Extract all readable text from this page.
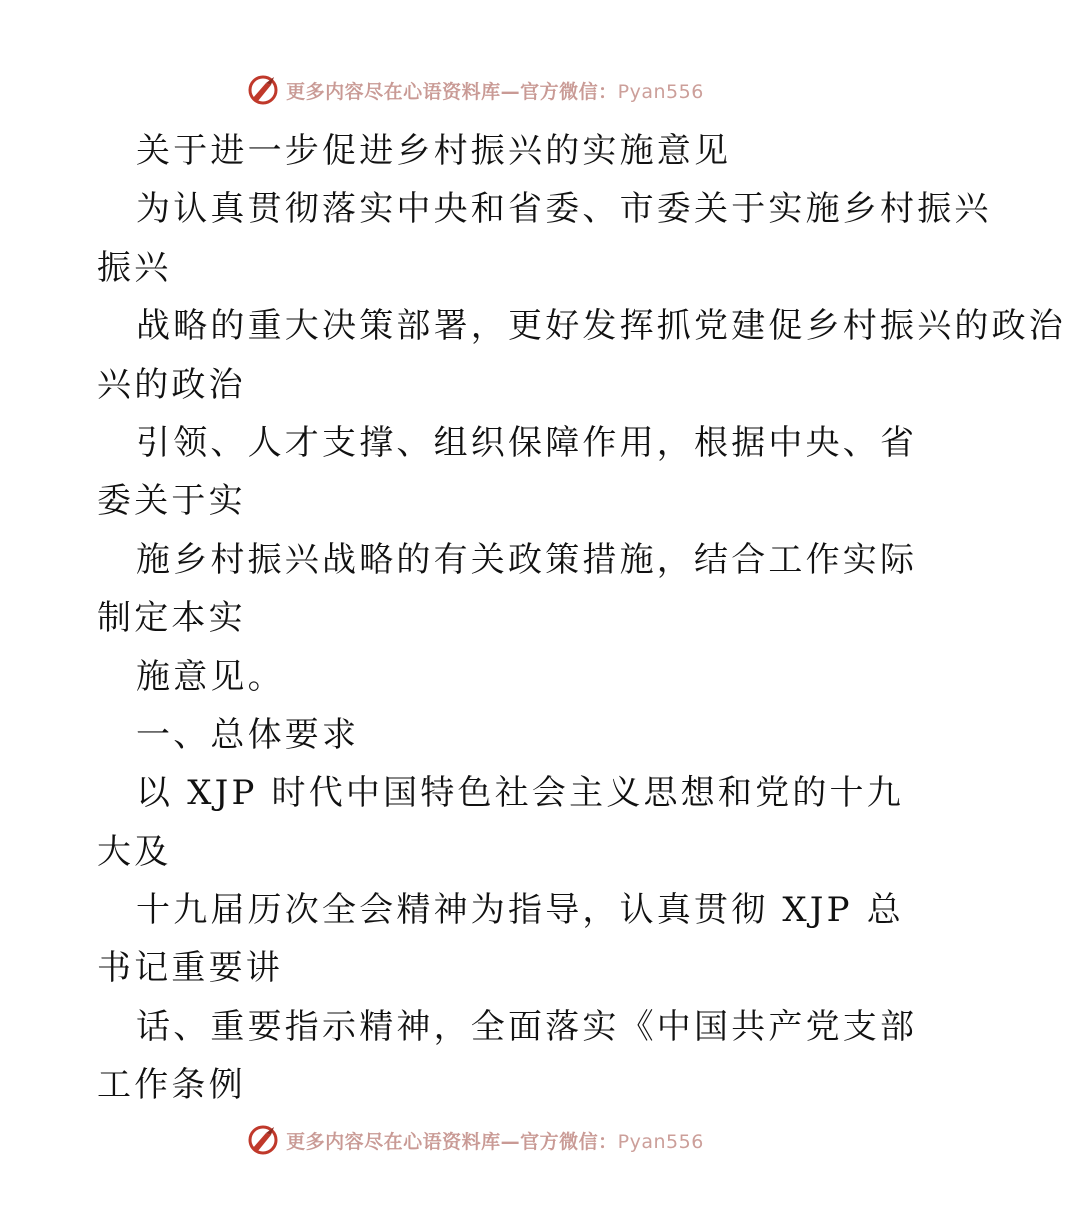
更多内容尽在心语资料库—官方微信：Pyan556
关于进一步促进乡村振兴的实施意见
为认真贯彻落实中央和省委、市委关于实施乡村振兴
振兴
战略的重大决策部署，更好发挥抓党建促乡村振兴的政治
兴的政治
引领、人才支撑、组织保障作用，根据中央、省
委关于实
施乡村振兴战略的有关政策措施，结合工作实际
制定本实
施意见。
一、总体要求
以 XJP 时代中国特色社会主义思想和党的十九
大及
十九届历次全会精神为指导，认真贯彻 XJP 总
书记重要讲
话、重要指示精神，全面落实《中国共产党支部
工作条例
更多内容尽在心语资料库—官方微信：Pyan556
